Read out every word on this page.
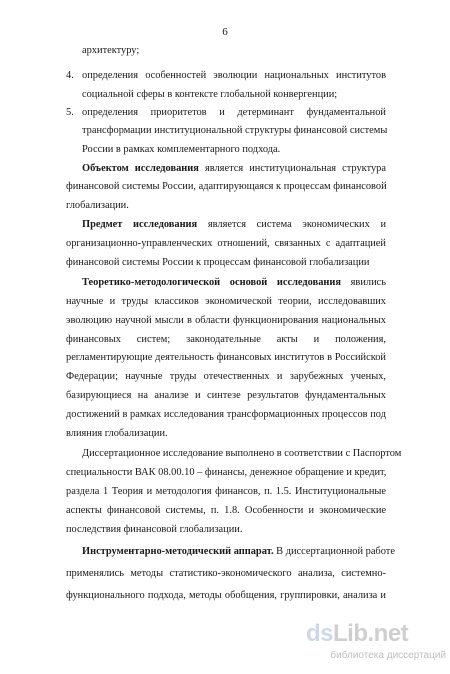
6
архитектуру;
4. определения особенностей эволюции национальных институтов
социальной сферы в контексте глобальной конвергенции;
5. определения приоритетов и детерминант фундаментальной
трансформации институциональной структуры финансовой системы
России в рамках комплементарного подхода.
Объектом исследования является институциональная структура
финансовой системы России, адаптирующаяся к процессам финансовой
глобализации.
Предмет исследования является система экономических и
организационно-управленческих отношений, связанных с адаптацией
финансовой системы России к процессам финансовой глобализации
Теоретико-методологической основой исследования явились
научные и труды классиков экономической теории, исследовавших
эволюцию научной мысли в области функционирования национальных
финансовых систем; законодательные акты и положения,
регламентирующие деятельность финансовых институтов в Российской
Федерации; научные труды отечественных и зарубежных ученых,
базирующиеся на анализе и синтезе результатов фундаментальных
достижений в рамках исследования трансформационных процессов под
влияния глобализации.
Диссертационное исследование выполнено в соответствии с Паспортом
специальности ВАК 08.00.10 – финансы, денежное обращение и кредит,
раздела 1 Теория и методология финансов, п. 1.5. Институциональные
аспекты финансовой системы, п. 1.8. Особенности и экономические
последствия финансовой глобализации.
Инструментарно-методический аппарат. В диссертационной работе
применялись методы статистико-экономического анализа, системно-
функционального подхода, методы обобщения, группировки, анализа и
dsLib.net
библиотека диссертаций
